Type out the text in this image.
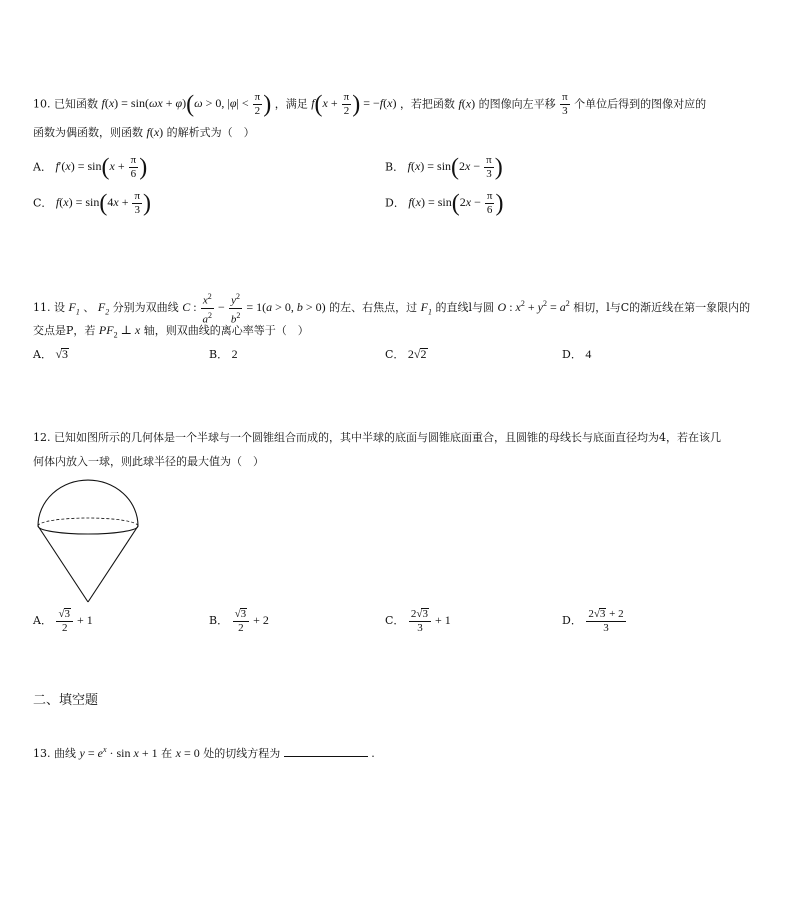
10. 已知函数 f(x) = sin(ωx + φ)(ω > 0, $|\varphi| < \frac{\pi}{2}$ ) ，满足 $f(x + \frac{\pi}{2}$ ) = −f(x) ，若把函数 f(x) 的图像向左平移 $\frac{\pi}{3}$ 个单位后得到的图像对应的
函数为偶函数，则函数 f(x) 的解析式为（　）
A． $f'(x) = \sin(x + \frac{\pi}{6}$ )	B． $f(x) = \sin(2x - \frac{\pi}{3}$ )
C． $f(x) = \sin(4x + \frac{\pi}{3}$ )	D． $f(x) = \sin(2x - \frac{\pi}{6}$ )
11. 设 $F_1$ 、 $F_2$ 分别为双曲线 C : $\frac{x^2}{a^2} - \frac{y^2}{b^2} = 1(a > 0$, b > 0) 的左、右焦点，过 $F_1$ 的直线l与圆 O : $x^2 + y^2 = a^2$ 相切，l与C的渐近线在第一象限内的
交点是P，若 $PF_2$ ⊥ x 轴，则双曲线的离心率等于（　）
A． √3	B． 2	C． 2√2	D． 4
12. 已知如图所示的几何体是一个半球与一个圆锥组合而成的，其中半球的底面与圆锥底面重合，且圆锥的母线长与底面直径均为4，若在该几
何体内放入一球，则此球半径的最大值为（　）
A． $\frac{√3}{2} + 1$	B． $\frac{√3}{2} + 2$	C． $\frac{2√3}{3} + 1$	D． $\frac{2√3 + 2}{3}$
二、填空题
13. 曲线 $y = e^x \cdot \sin x + 1$ 在 x = 0 处的切线方程为	.
